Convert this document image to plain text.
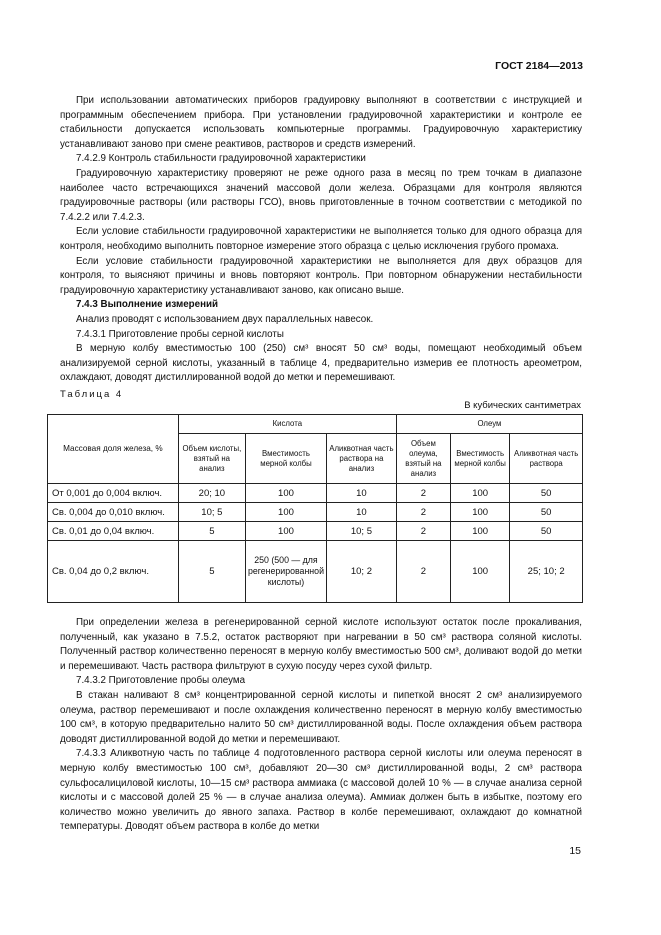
ГОСТ 2184—2013

При использовании автоматических приборов градуировку выполняют в соответствии с инструкцией и программным обеспечением прибора. При установлении градуировочной характеристики и контроле ее стабильности допускается использовать компьютерные программы. Градуировочную характеристику устанавливают заново при смене реактивов, растворов и средств измерений.

7.4.2.9 Контроль стабильности градуировочной характеристики

Градуировочную характеристику проверяют не реже одного раза в месяц по трем точкам в диапазоне наиболее часто встречающихся значений массовой доли железа. Образцами для контроля являются градуировочные растворы (или растворы ГСО), вновь приготовленные в точном соответствии с методикой по 7.4.2.2 или 7.4.2.3.

Если условие стабильности градуировочной характеристики не выполняется только для одного образца для контроля, необходимо выполнить повторное измерение этого образца с целью исключения грубого промаха.

Если условие стабильности градуировочной характеристики не выполняется для двух образцов для контроля, то выясняют причины и вновь повторяют контроль. При повторном обнаружении нестабильности градуировочную характеристику устанавливают заново, как описано выше.

7.4.3 Выполнение измерений

Анализ проводят с использованием двух параллельных навесок.

7.4.3.1 Приготовление пробы серной кислоты

В мерную колбу вместимостью 100 (250) см³ вносят 50 см³ воды, помещают необходимый объем анализируемой серной кислоты, указанный в таблице 4, предварительно измерив ее плотность ареометром, охлаждают, доводят дистиллированной водой до метки и перемешивают.

Таблица 4
В кубических сантиметрах
Массовая доля железа, %	Кислота			Олеум		
	Объем кислоты, взятый на анализ	Вместимость мерной колбы	Аликвотная часть раствора на анализ	Объем олеума, взятый на анализ	Вместимость мерной колбы	Аликвотная часть раствора
От 0,001 до 0,004 включ.	20; 10	100	10	2	100	50
Св. 0,004 до 0,010 включ.	10; 5	100	10	2	100	50
Св. 0,01 до 0,04 включ.	5	100	10; 5	2	100	50
Св. 0,04 до 0,2 включ.	5	250 (500 — для регенерированной кислоты)	10; 2	2	100	25; 10; 2

При определении железа в регенерированной серной кислоте используют остаток после прокаливания, полученный, как указано в 7.5.2, остаток растворяют при нагревании в 50 см³ раствора соляной кислоты. Полученный раствор количественно переносят в мерную колбу вместимостью 500 см³, доливают водой до метки и перемешивают. Часть раствора фильтруют в сухую посуду через сухой фильтр.

7.4.3.2 Приготовление пробы олеума

В стакан наливают 8 см³ концентрированной серной кислоты и пипеткой вносят 2 см³ анализируемого олеума, раствор перемешивают и после охлаждения количественно переносят в мерную колбу вместимостью 100 см³, в которую предварительно налито 50 см³ дистиллированной воды. После охлаждения объем раствора доводят дистиллированной водой до метки и перемешивают.

7.4.3.3 Аликвотную часть по таблице 4 подготовленного раствора серной кислоты или олеума переносят в мерную колбу вместимостью 100 см³, добавляют 20—30 см³ дистиллированной воды, 2 см³ раствора сульфосалициловой кислоты, 10—15 см³ раствора аммиака (с массовой долей 10 % — в случае анализа серной кислоты и с массовой долей 25 % — в случае анализа олеума). Аммиак должен быть в избытке, поэтому его количество можно увеличить до явного запаха. Раствор в колбе перемешивают, охлаждают до комнатной температуры. Доводят объем раствора в колбе до метки

15
